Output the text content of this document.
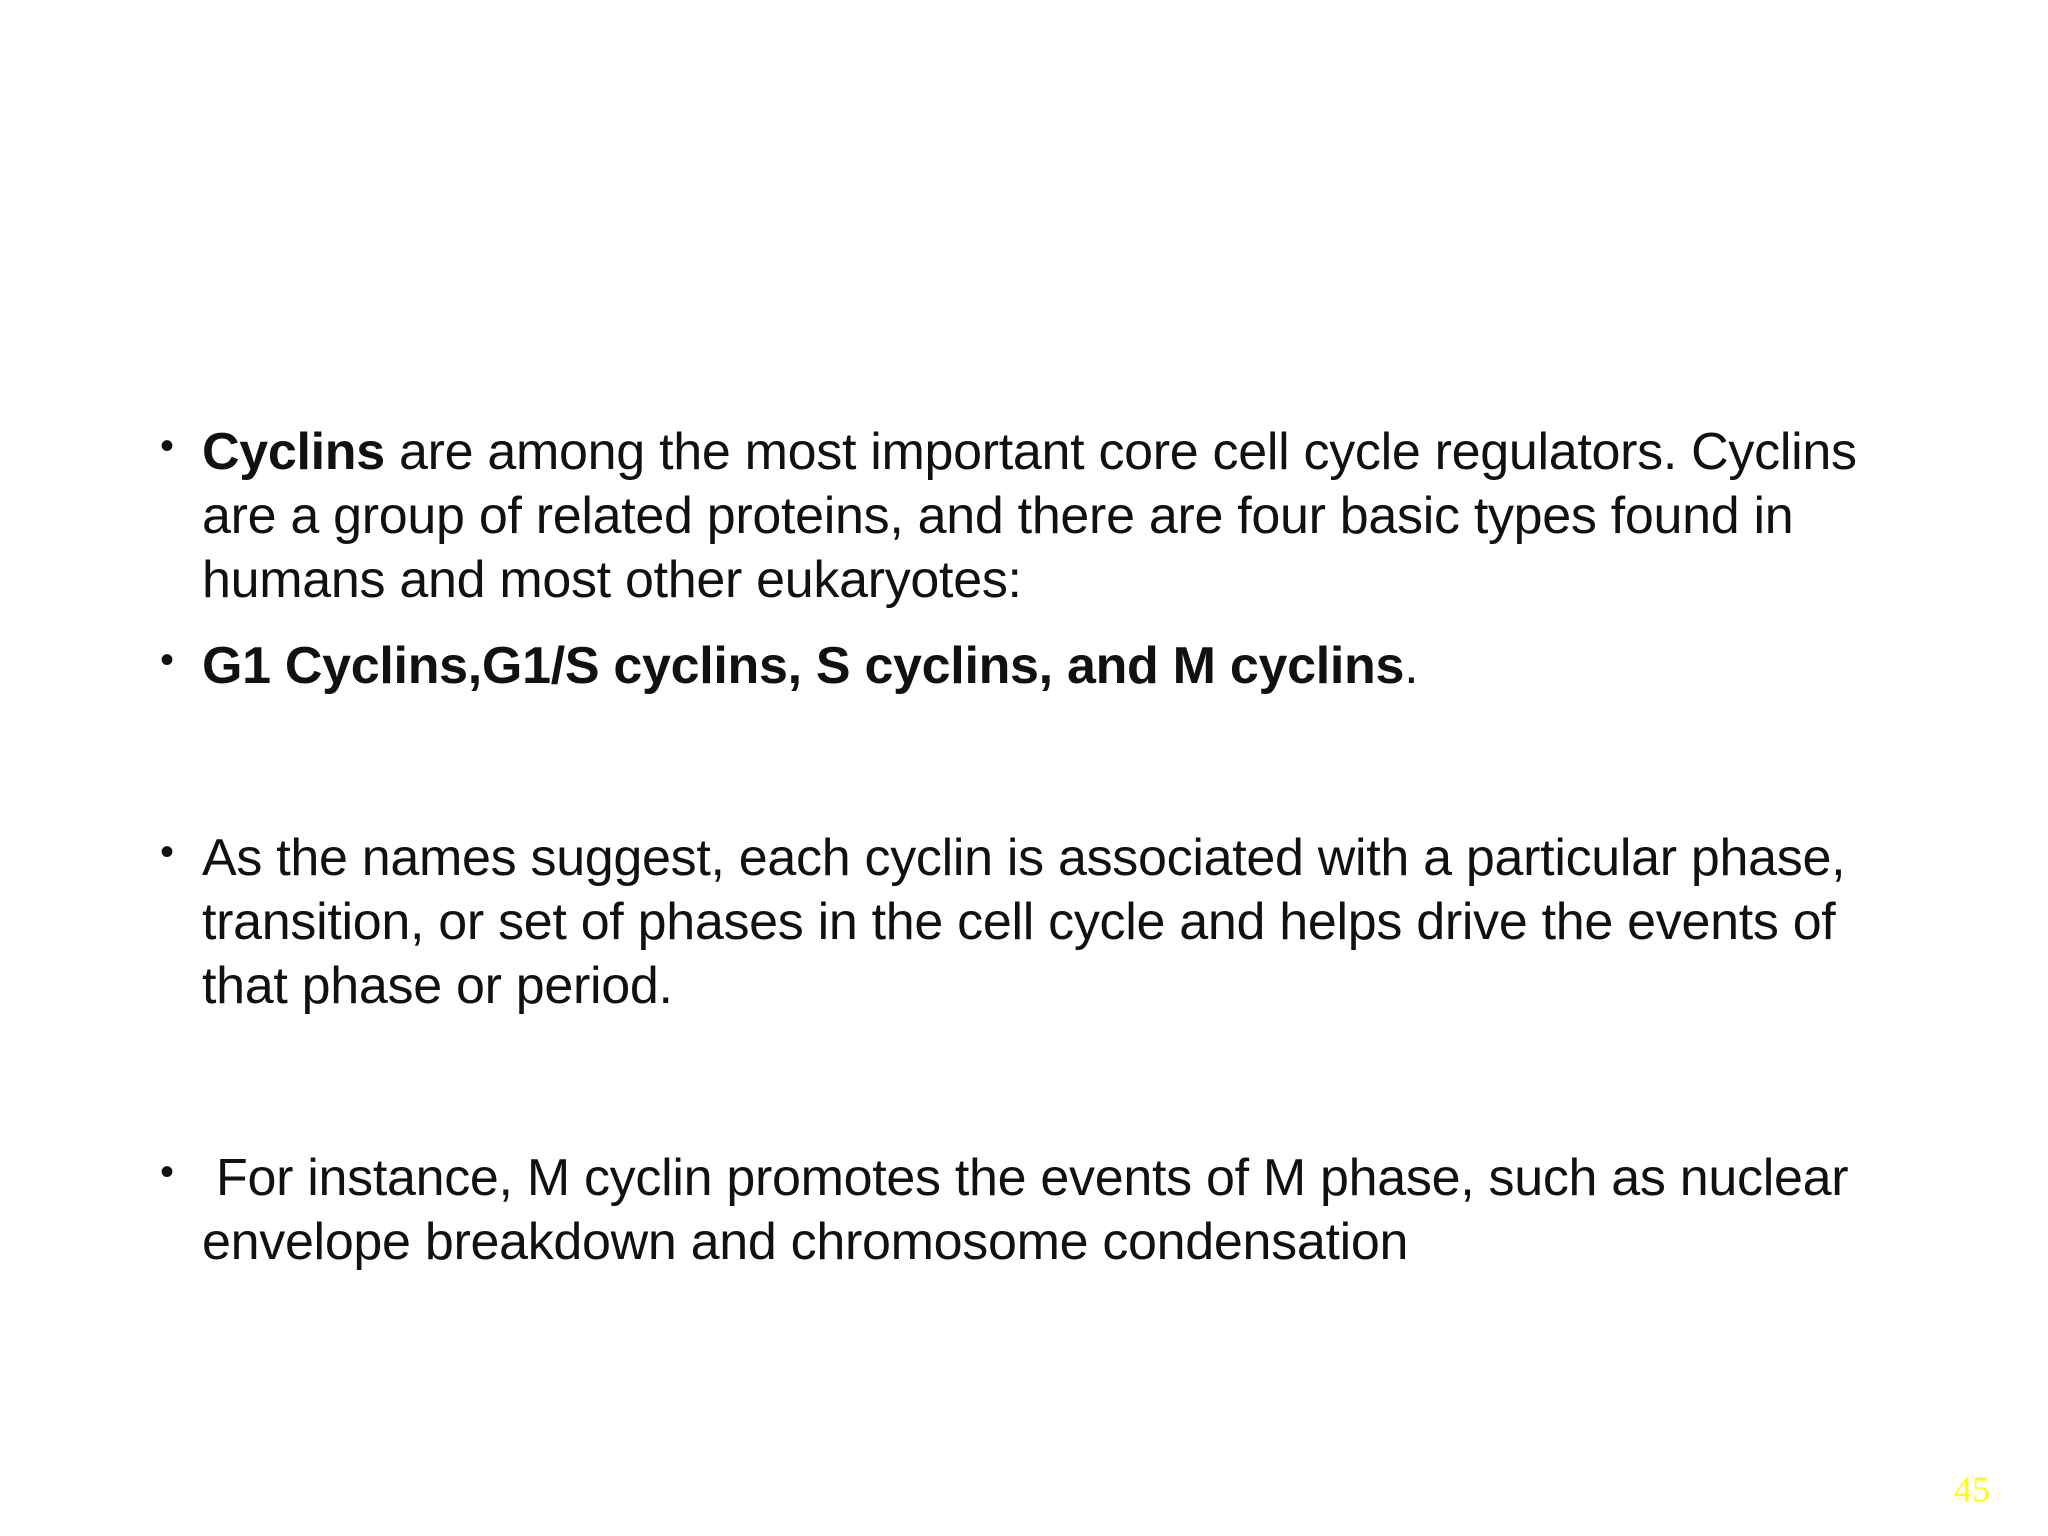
• Cyclins are among the most important core cell cycle regulators. Cyclins are a group of related proteins, and there are four basic types found in humans and most other eukaryotes:
• G1 Cyclins,G1/S cyclins, S cyclins, and M cyclins.
• As the names suggest, each cyclin is associated with a particular phase, transition, or set of phases in the cell cycle and helps drive the events of that phase or period.
• For instance, M cyclin promotes the events of M phase, such as nuclear envelope breakdown and chromosome condensation
45
